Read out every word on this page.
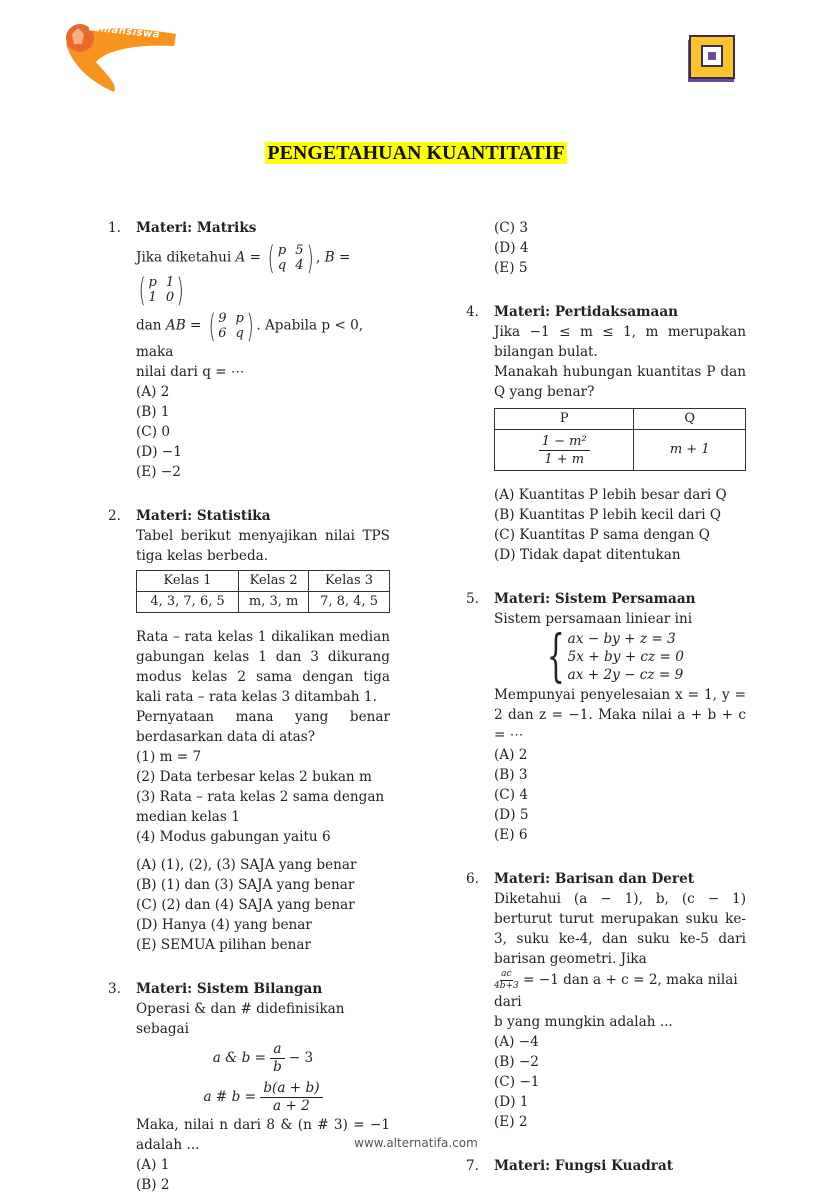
tamansiswa
PENGETAHUAN KUANTITATIF
1. Materi: Matriks
Jika diketahui A = ( p 5
q 4 ) , B =
( p 1
1 0 )
dan AB = ( 9 p
6 q ) . Apabila p < 0, maka
nilai dari q = ⋯
(A) 2
(B) 1
(C) 0
(D) −1
(E) −2
2. Materi: Statistika
Tabel berikut menyajikan nilai TPS tiga kelas berbeda.
Kelas 1	Kelas 2	Kelas 3
4, 3, 7, 6, 5	m, 3, m	7, 8, 4, 5
Rata – rata kelas 1 dikalikan median gabungan kelas 1 dan 3 dikurang modus kelas 2 sama dengan tiga kali rata – rata kelas 3 ditambah 1.
Pernyataan mana yang benar berdasarkan data di atas?
(1) m = 7
(2) Data terbesar kelas 2 bukan m
(3) Rata – rata kelas 2 sama dengan median kelas 1
(4) Modus gabungan yaitu 6
(A) (1), (2), (3) SAJA yang benar
(B) (1) dan (3) SAJA yang benar
(C) (2) dan (4) SAJA yang benar
(D) Hanya (4) yang benar
(E) SEMUA pilihan benar
3. Materi: Sistem Bilangan
Operasi & dan # didefinisikan sebagai
a & $b = \frac{a}{b} - 3$
a # $b = \frac{b(a + b)}{a + 2}$
Maka, nilai n dari 8 & (n # 3) = −1 adalah ...
(A) 1
(B) 2
(C) 3
(D) 4
(E) 5
4. Materi: Pertidaksamaan
Jika −1 ≤ m ≤ 1, m merupakan bilangan bulat.
Manakah hubungan kuantitas P dan Q yang benar?
P	Q

$\frac{\text{1 − m²}}{1 + m}$	m + 1
(A) Kuantitas P lebih besar dari Q
(B) Kuantitas P lebih kecil dari Q
(C) Kuantitas P sama dengan Q
(D) Tidak dapat ditentukan
5. Materi: Sistem Persamaan
Sistem persamaan liniear ini
{ ax − by + z = 3
5x + by + cz = 0
ax + 2y − cz = 9
Mempunyai penyelesaian x = 1, y = 2 dan z = −1. Maka nilai a + b + c = ⋯
(A) 2
(B) 3
(C) 4
(D) 5
(E) 6
6. Materi: Barisan dan Deret
Diketahui (a − 1), b, (c − 1) berturut turut merupakan suku ke-3, suku ke-4, dan suku ke-5 dari barisan geometri. Jika
$\frac{ac}{4b+3} = -1$ dan a + c = 2, maka nilai dari
b yang mungkin adalah ...
(A) −4
(B) −2
(C) −1
(D) 1
(E) 2
7. Materi: Fungsi Kuadrat
www.alternatifa.com
